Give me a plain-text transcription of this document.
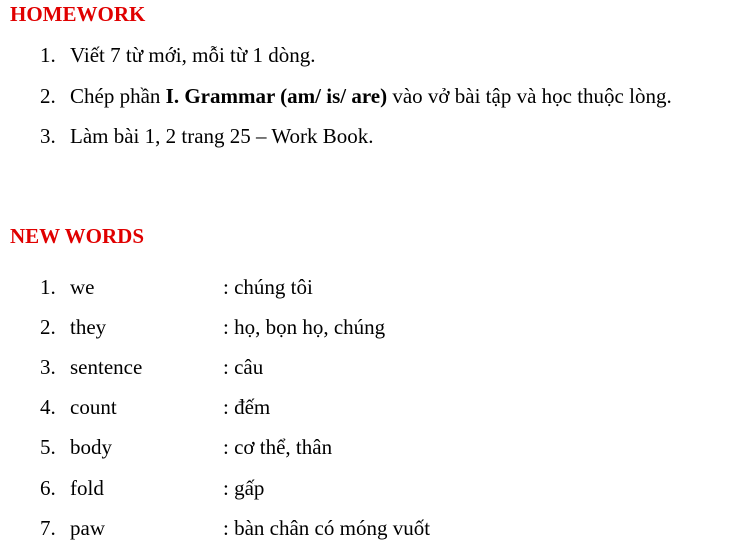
HOMEWORK
1. Viết 7 từ mới, mỗi từ 1 dòng.
2. Chép phần I. Grammar (am/ is/ are) vào vở bài tập và học thuộc lòng.
3. Làm bài 1, 2 trang 25 – Work Book.
NEW WORDS
1. we	: chúng tôi
2. they	: họ, bọn họ, chúng
3. sentence	: câu
4. count	: đếm
5. body	: cơ thể, thân
6. fold	: gấp
7. paw	: bàn chân có móng vuốt
